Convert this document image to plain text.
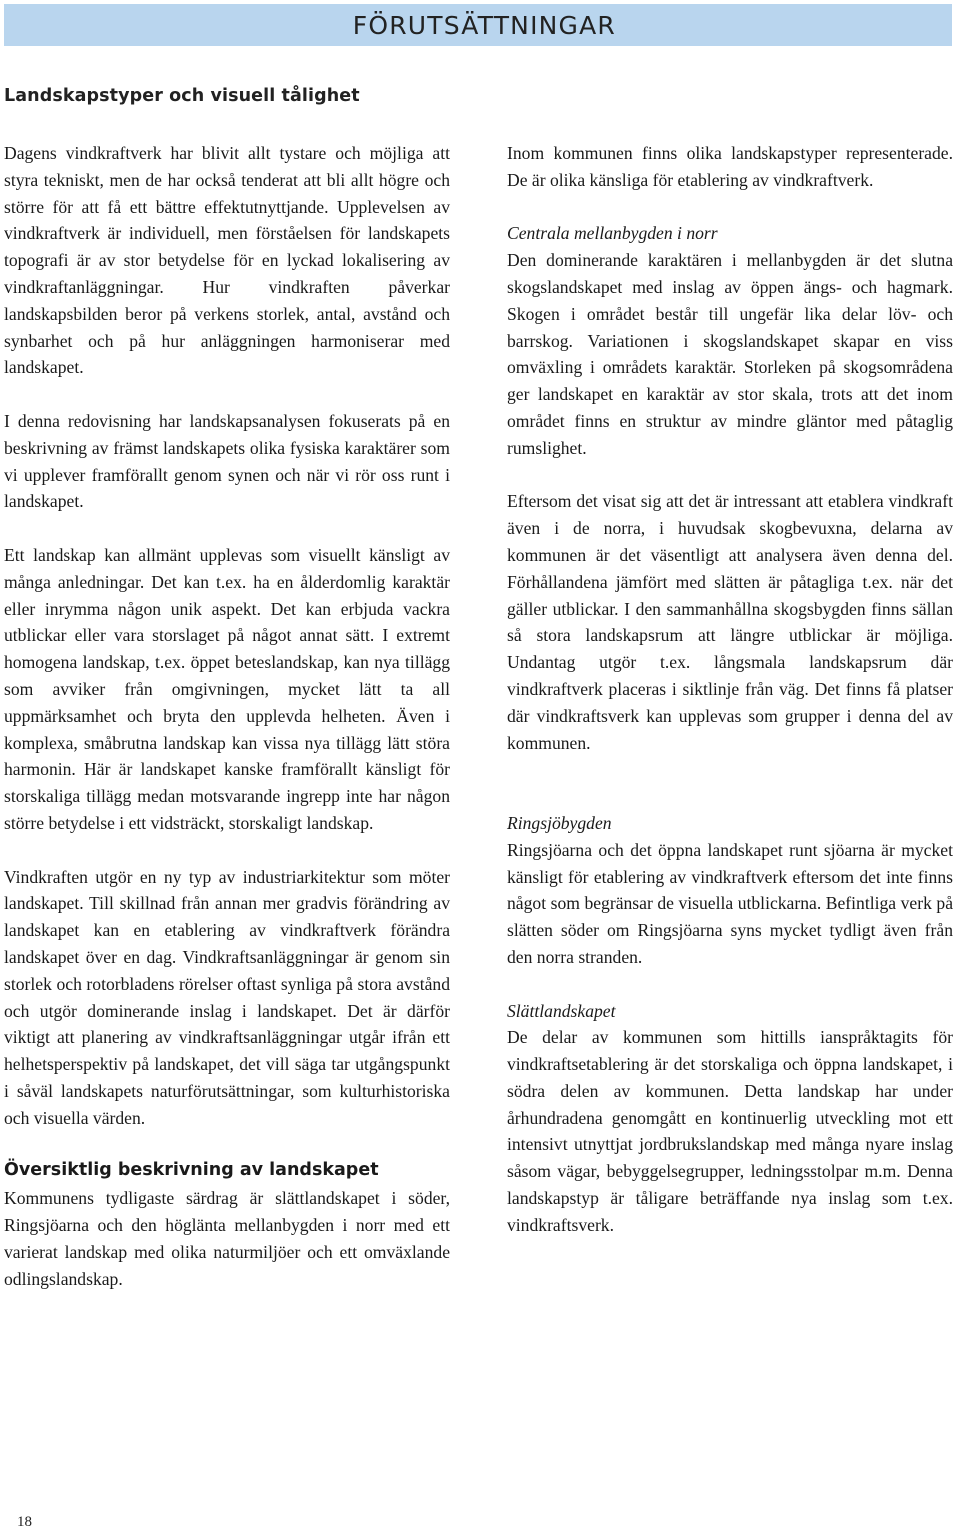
FÖRUTSÄTTNINGAR
Landskapstyper och visuell tålighet

Dagens vindkraftverk har blivit allt tystare och möjliga att styra tekniskt, men de har också tenderat att bli allt högre och större för att få ett bättre effektutnyttjande. Upplevelsen av vindkraftverk är individuell, men förståelsen för landskapets topografi är av stor betydelse för en lyckad lokalisering av vindkraftanläggningar. Hur vindkraften påverkar landskapsbilden beror på verkens storlek, antal, avstånd och synbarhet och på hur anläggningen harmoniserar med landskapet.

I denna redovisning har landskapsanalysen fokuserats på en beskrivning av främst landskapets olika fysiska karaktärer som vi upplever framförallt genom synen och när vi rör oss runt i landskapet.

Ett landskap kan allmänt upplevas som visuellt känsligt av många anledningar. Det kan t.ex. ha en ålderdomlig karaktär eller inrymma någon unik aspekt. Det kan erbjuda vackra utblickar eller vara storslaget på något annat sätt. I extremt homogena landskap, t.ex. öppet beteslandskap, kan nya tillägg som avviker från omgivningen, mycket lätt ta all uppmärksamhet och bryta den upplevda helheten. Även i komplexa, småbrutna landskap kan vissa nya tillägg lätt störa harmonin. Här är landskapet kanske framförallt känsligt för storskaliga tillägg medan motsvarande ingrepp inte har någon större betydelse i ett vidsträckt, storskaligt landskap.

Vindkraften utgör en ny typ av industriarkitektur som möter landskapet. Till skillnad från annan mer gradvis förändring av landskapet kan en etablering av vindkraftverk förändra landskapet över en dag. Vindkraftsanläggningar är genom sin storlek och rotorbladens rörelser oftast synliga på stora avstånd och utgör dominerande inslag i landskapet. Det är därför viktigt att planering av vindkraftsanläggningar utgår ifrån ett helhetsperspektiv på landskapet, det vill säga tar utgångspunkt i såväl landskapets naturförutsättningar, som kulturhistoriska och visuella värden.

Översiktlig beskrivning av landskapet

Kommunens tydligaste särdrag är slättlandskapet i söder, Ringsjöarna och den höglänta mellanbygden i norr med ett varierat landskap med olika naturmiljöer och ett omväxlande odlingslandskap.

Inom kommunen finns olika landskapstyper representerade. De är olika känsliga för etablering av vindkraftverk.

Centrala mellanbygden i norr

Den dominerande karaktären i mellanbygden är det slutna skogslandskapet med inslag av öppen ängs- och hagmark. Skogen i området består till ungefär lika delar löv- och barrskog. Variationen i skogslandskapet skapar en viss omväxling i områdets karaktär. Storleken på skogsområdena ger landskapet en karaktär av stor skala, trots att det inom området finns en struktur av mindre gläntor med påtaglig rumslighet.

Eftersom det visat sig att det är intressant att etablera vindkraft även i de norra, i huvudsak skogbevuxna, delarna av kommunen är det väsentligt att analysera även denna del. Förhållandena jämfört med slätten är påtagliga t.ex. när det gäller utblickar. I den sammanhållna skogsbygden finns sällan så stora landskapsrum att längre utblickar är möjliga. Undantag utgör t.ex. långsmala landskapsrum där vindkraftverk placeras i siktlinje från väg. Det finns få platser där vindkraftsverk kan upplevas som grupper i denna del av kommunen.

Ringsjöbygden

Ringsjöarna och det öppna landskapet runt sjöarna är mycket känsligt för etablering av vindkraftverk eftersom det inte finns något som begränsar de visuella utblickarna. Befintliga verk på slätten söder om Ringsjöarna syns mycket tydligt även från den norra stranden.

Slättlandskapet

De delar av kommunen som hittills ianspråktagits för vindkraftsetablering är det storskaliga och öppna landskapet, i södra delen av kommunen. Detta landskap har under århundradena genomgått en kontinuerlig utveckling mot ett intensivt utnyttjat jordbrukslandskap med många nyare inslag såsom vägar, bebyggelsegrupper, ledningsstolpar m.m. Denna landskapstyp är tåligare beträffande nya inslag som t.ex. vindkraftsverk.

18
